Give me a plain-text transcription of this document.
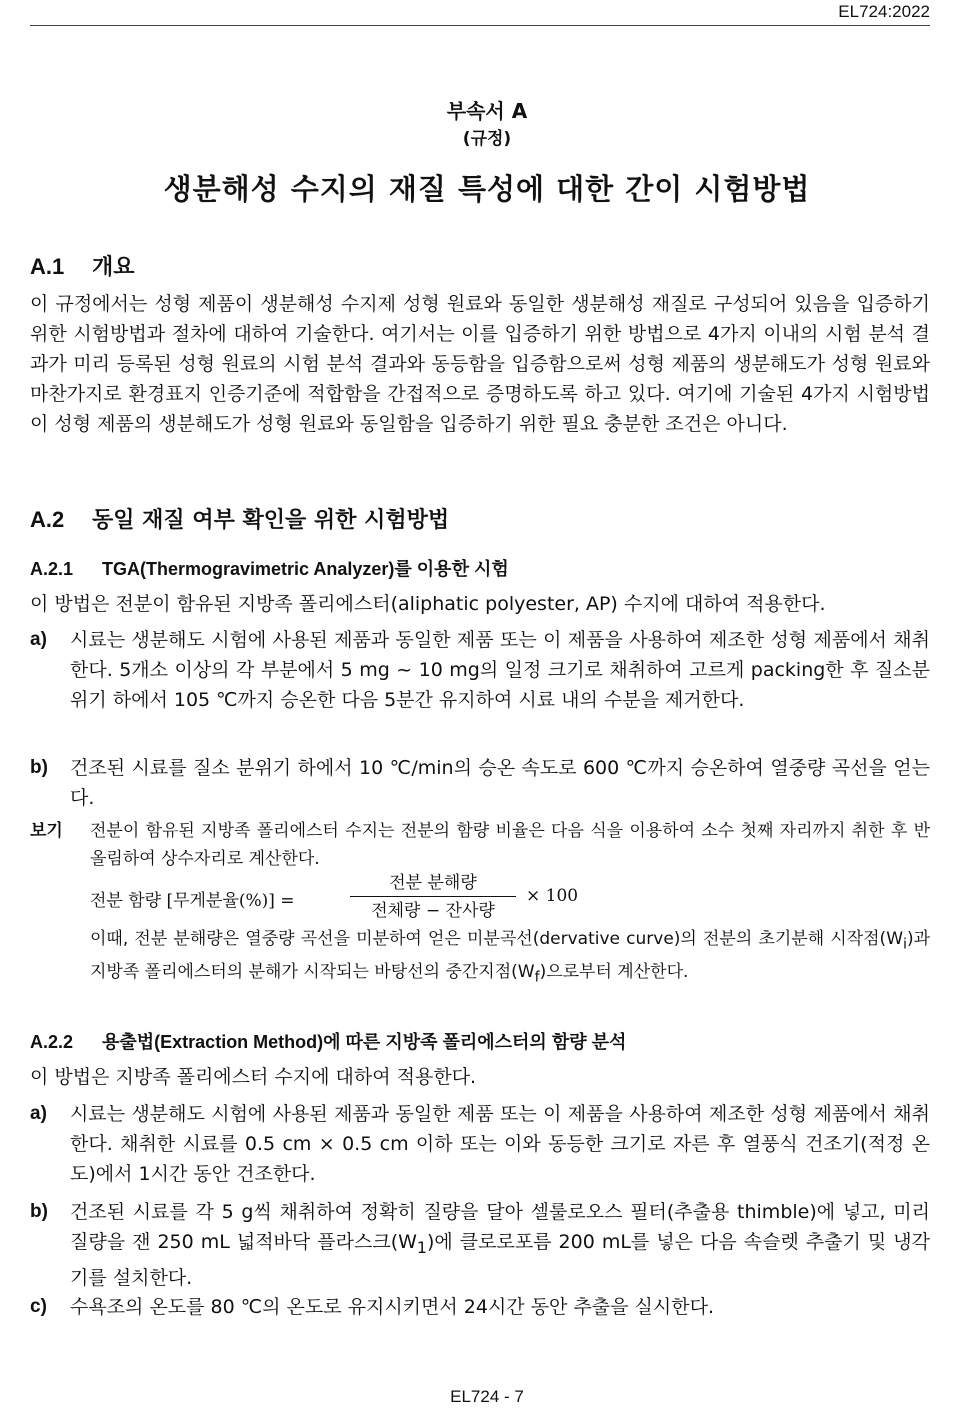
EL724:2022
부속서 A
(규정)
생분해성 수지의 재질 특성에 대한 간이 시험방법
A.1 개요

이 규정에서는 성형 제품이 생분해성 수지제 성형 원료와 동일한 생분해성 재질로 구성되어 있음을 입증하기 위한 시험방법과 절차에 대하여 기술한다. 여기서는 이를 입증하기 위한 방법으로 4가지 이내의 시험 분석 결과가 미리 등록된 성형 원료의 시험 분석 결과와 동등함을 입증함으로써 성형 제품의 생분해도가 성형 원료와 마찬가지로 환경표지 인증기준에 적합함을 간접적으로 증명하도록 하고 있다. 여기에 기술된 4가지 시험방법이 성형 제품의 생분해도가 성형 원료와 동일함을 입증하기 위한 필요 충분한 조건은 아니다.

A.2 동일 재질 여부 확인을 위한 시험방법
A.2.1 TGA(Thermogravimetric Analyzer)를 이용한 시험

이 방법은 전분이 함유된 지방족 폴리에스터(aliphatic polyester, AP) 수지에 대하여 적용한다.

a) 시료는 생분해도 시험에 사용된 제품과 동일한 제품 또는 이 제품을 사용하여 제조한 성형 제품에서 채취한다. 5개소 이상의 각 부분에서 5 mg ~ 10 mg의 일정 크기로 채취하여 고르게 packing한 후 질소분위기 하에서 105 ℃까지 승온한 다음 5분간 유지하여 시료 내의 수분을 제거한다.
b) 건조된 시료를 질소 분위기 하에서 10 ℃/min의 승온 속도로 600 ℃까지 승온하여 열중량 곡선을 얻는다.
보기 전분이 함유된 지방족 폴리에스터 수지는 전분의 함량 비율은 다음 식을 이용하여 소수 첫째 자리까지 취한 후 반올림하여 상수자리로 계산한다.
전분 함량 [무게분율(%)] =
전분 분해량
전체량 − 잔사량
× 100
이때, 전분 분해량은 열중량 곡선을 미분하여 얻은 미분곡선(dervative curve)의 전분의 초기분해 시작점$(W_i)$과 지방족 폴리에스터의 분해가 시작되는 바탕선의 중간지점$(W_f)$으로부터 계산한다.
A.2.2 용출법(Extraction Method)에 따른 지방족 폴리에스터의 함량 분석

이 방법은 지방족 폴리에스터 수지에 대하여 적용한다.

a) 시료는 생분해도 시험에 사용된 제품과 동일한 제품 또는 이 제품을 사용하여 제조한 성형 제품에서 채취한다. 채취한 시료를 0.5 cm × 0.5 cm 이하 또는 이와 동등한 크기로 자른 후 열풍식 건조기(적정 온도)에서 1시간 동안 건조한다.
b) 건조된 시료를 각 5 g씩 채취하여 정확히 질량을 달아 셀룰로오스 필터(추출용 thimble)에 넣고, 미리 질량을 잰 250 mL 넓적바닥 플라스크$(W_1)$에 클로로포름 200 mL를 넣은 다음 속슬렛 추출기 및 냉각기를 설치한다.
c) 수욕조의 온도를 80 ℃의 온도로 유지시키면서 24시간 동안 추출을 실시한다.
EL724 - 7
